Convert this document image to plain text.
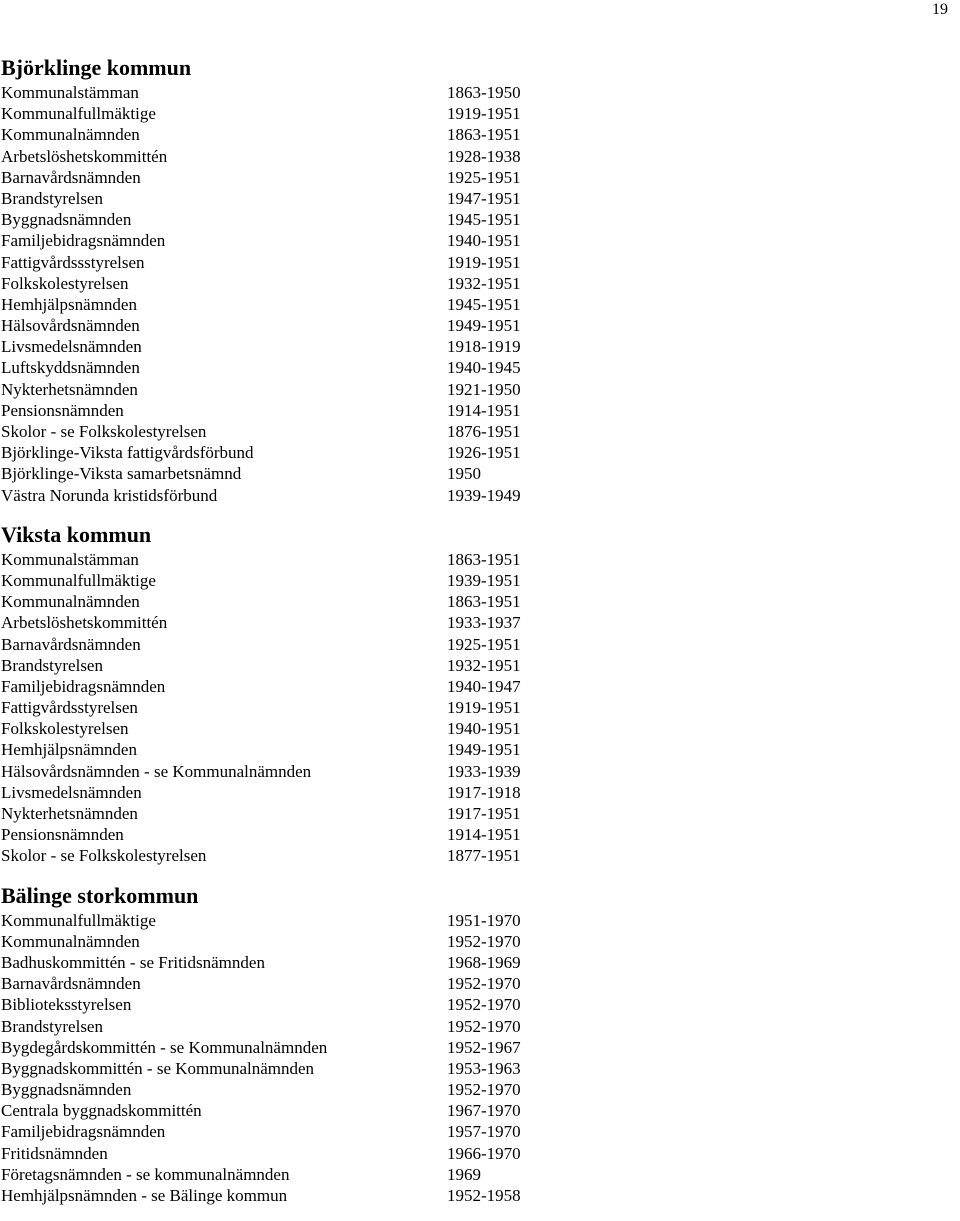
19
Björklinge kommun
Kommunalstämman	1863-1950
Kommunalfullmäktige	1919-1951
Kommunalnämnden	1863-1951
Arbetslöshetskommittén	1928-1938
Barnavårdsnämnden	1925-1951
Brandstyrelsen	1947-1951
Byggnadsnämnden	1945-1951
Familjebidragsnämnden	1940-1951
Fattigvårdssstyrelsen	1919-1951
Folkskolestyrelsen	1932-1951
Hemhjälpsnämnden	1945-1951
Hälsovårdsnämnden	1949-1951
Livsmedelsnämnden	1918-1919
Luftskyddsnämnden	1940-1945
Nykterhetsnämnden	1921-1950
Pensionsnämnden	1914-1951
Skolor - se Folkskolestyrelsen	1876-1951
Björklinge-Viksta fattigvårdsförbund	1926-1951
Björklinge-Viksta samarbetsnämnd	1950
Västra Norunda kristidsförbund	1939-1949
Viksta kommun
Kommunalstämman	1863-1951
Kommunalfullmäktige	1939-1951
Kommunalnämnden	1863-1951
Arbetslöshetskommittén	1933-1937
Barnavårdsnämnden	1925-1951
Brandstyrelsen	1932-1951
Familjebidragsnämnden	1940-1947
Fattigvårdsstyrelsen	1919-1951
Folkskolestyrelsen	1940-1951
Hemhjälpsnämnden	1949-1951
Hälsovårdsnämnden - se Kommunalnämnden	1933-1939
Livsmedelsnämnden	1917-1918
Nykterhetsnämnden	1917-1951
Pensionsnämnden	1914-1951
Skolor - se Folkskolestyrelsen	1877-1951
Bälinge storkommun
Kommunalfullmäktige	1951-1970
Kommunalnämnden	1952-1970
Badhuskommittén - se Fritidsnämnden	1968-1969
Barnavårdsnämnden	1952-1970
Biblioteksstyrelsen	1952-1970
Brandstyrelsen	1952-1970
Bygdegårdskommittén - se Kommunalnämnden	1952-1967
Byggnadskommittén - se Kommunalnämnden	1953-1963
Byggnadsnämnden	1952-1970
Centrala byggnadskommittén	1967-1970
Familjebidragsnämnden	1957-1970
Fritidsnämnden	1966-1970
Företagsnämnden - se kommunalnämnden	1969
Hemhjälpsnämnden - se Bälinge kommun	1952-1958
